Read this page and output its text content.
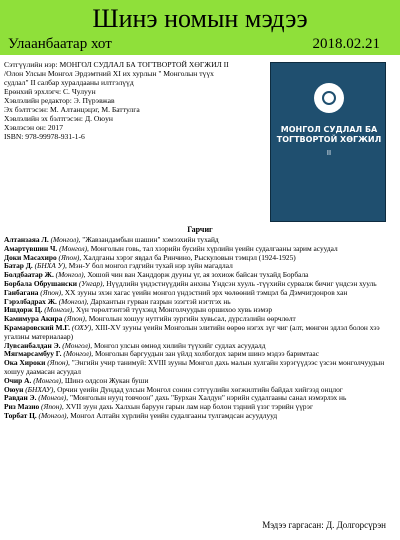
Шинэ номын мэдээ
Улаанбаатар хот	2018.02.21
Сэтгүүлийн нэр: МОНГОЛ СУДЛАЛ БА ТОГТВОРТОЙ ХӨГЖИЛ II
/Олон Улсын Монгол Эрдэмтний XI их хурлын " Монголын түүх
судлал" II салбар хуралдааны илтгэлүүд
Ерөнхий эрхлэгч: С. Чулуун
Хэвлэлийн редактор: Э. Пүрэвжав
Эх бэлтгэсэн: М. Алтанцэцэг, М. Баттулга
Хэвлэлийн эх бэлтгэсэн: Д. Оюун
Хэвлэсэн он: 2017
ISBN: 978-99978-931-1-6
МОНГОЛ СУДЛАЛ БА ТОГТВОРТОЙ ХӨГЖИЛ
II
Гарчиг

Алтанзаяа Л. (Монгол), "Жавзандамбын шашин" хэмээхийн тухайд

Амартүвшин Ч. (Монгол), Монголын говь, тал хээрийн бусийн хүрлийн үеийн судалгааны зарим асуудал

Доки Масахиро (Япон), Халдганы хэрэг явдал ба Ринчино, Рыскуловын тэмцэл (1924-1925)

Батар Д. (БНХА У), Мэн-У бол монгол гэдгийн тухай нэр зүйн магадлал

Болдбаатар Ж. (Монгол), Хошой чин ван Ханддорж дууны үг, ая зохиож байсан тухайд Борбала

Борбала Обрушански (Унгар), Нүүдлийн үндэстнүүдийн анхны Үндсэн хууль -түүхийн сурвалж бичиг үндсэн хууль

Ганбаганa (Япон), XX зууны эхэн хагас үеийн монгол үндэстний эрх чөлөөний тэмцэл ба Дэмчигдонров хан

Гэрэлбадрах Ж. (Монгол), Дархантын гурван газрын эзэгтэй нэгтгэх нь

Ишдорж Ц. (Монгол), Хүн төрөлтэнтэй түүхэнд Монголчуудын оршихоо хувь нэмэр

Камимура Акира (Япон), Монголын хошуу нутгийн зургийн хувьсал, дүрслэлийн өөрчлөлт

Крамаровский М.Г. (ОХУ), XIII-XV зууны үеийн Монголын элитийн өөрөө нэгэх зүг чиг (алт, мөнгөн эдлэл болон хээ угалзны материалаар)

Лувсанбалдан Э. (Монгол), Монгол улсын өмнөд хилийн түүхийг судлах асуудалд

Мягмарсамбуу Г. (Монгол), Монголын баргуудын зан үйлд холбогдох зарим шинэ мэдээ баримтаас

Ока Хироки (Япон), "Энгийн учир танимуй: XVIII зууны Монгол дахь малын хулгайн хэрэгүүдээс үзсэн монголчуудын хошуу даамасан асуудал

Очир А. (Монгол), Шинэ олдсон Жукан буши

Оюун (БНХАУ), Орчин үеийн Дундад улсын Монгол сонин сэтгүүлийн хөгжилтийн байдал хийгээд онцлог

Равдан Э. (Монгол), "Монголын нууц товчоон" дахь "Бурхан Халдун" нэрийн судалгааны санал нэмэрлэх нь

Риз Мазио (Япон), XVII зуун дахь Халхын баруун гарын лам нар болон тэдний үзэг тэрийн үүрэг

Торбат Ц. (Монгол), Монгол Алтайн хүрлийн үеийн судалгааны тулгамдсан асуудлууд

Мэдээ гаргасан: Д. Долгорсүрэн
